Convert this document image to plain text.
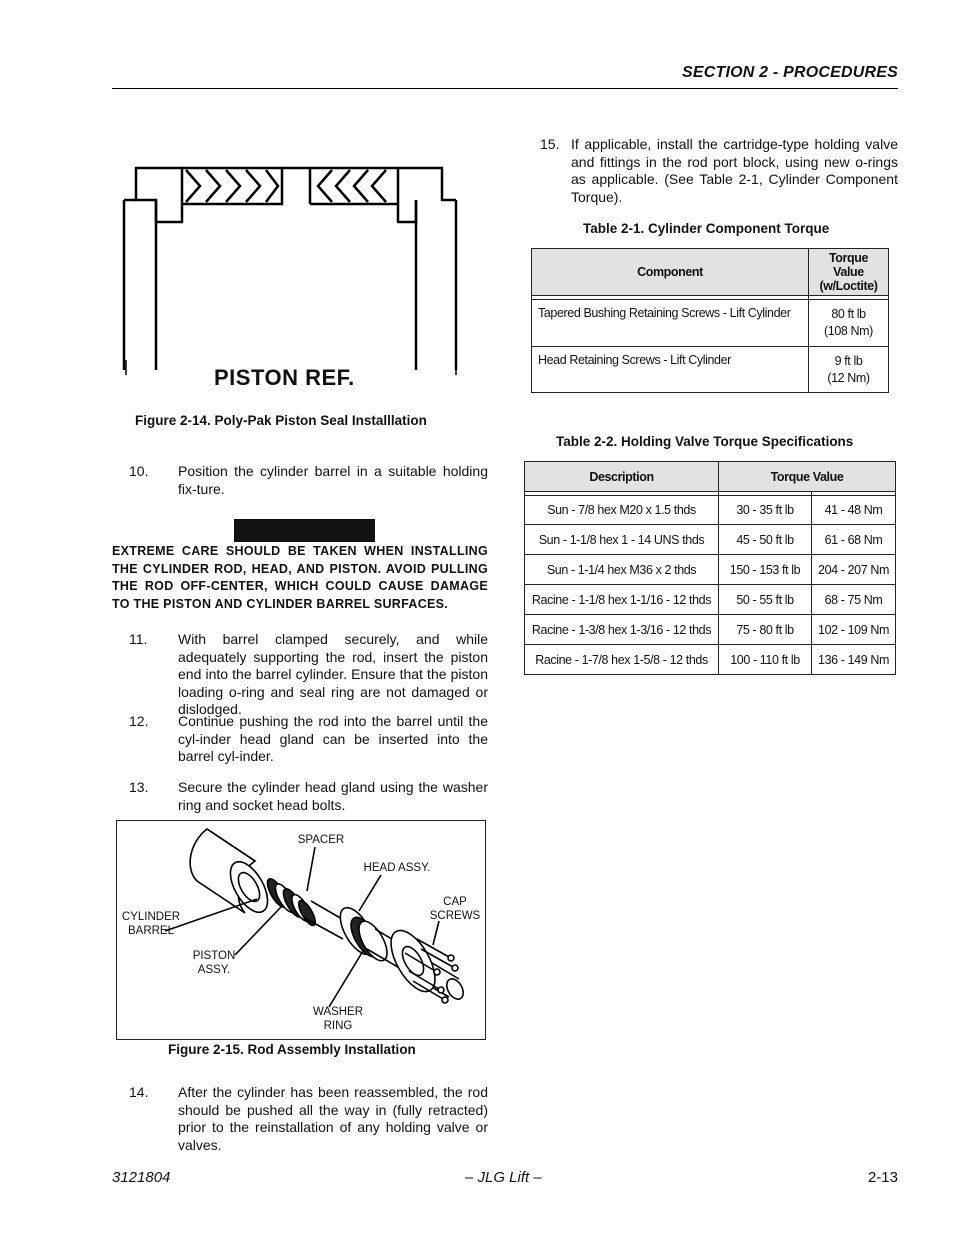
SECTION 2 - PROCEDURES
PISTON REF.
Figure 2-14. Poly-Pak Piston Seal Installlation
10. Position the cylinder barrel in a suitable holding fix-ture.
EXTREME CARE SHOULD BE TAKEN WHEN INSTALLING THE CYLINDER ROD, HEAD, AND PISTON. AVOID PULLING THE ROD OFF-CENTER, WHICH COULD CAUSE DAMAGE TO THE PISTON AND CYLINDER BARREL SURFACES.
11. With barrel clamped securely, and while adequately supporting the rod, insert the piston end into the barrel cylinder. Ensure that the piston loading o-ring and seal ring are not damaged or dislodged.
12. Continue pushing the rod into the barrel until the cyl-inder head gland can be inserted into the barrel cyl-inder.
13. Secure the cylinder head gland using the washer ring and socket head bolts.
SPACER
HEAD ASSY.
CAP
SCREWS
CYLINDER
BARREL
PISTON
ASSY.
WASHER
RING
Figure 2-15. Rod Assembly Installation
14. After the cylinder has been reassembled, the rod should be pushed all the way in (fully retracted) prior to the reinstallation of any holding valve or valves.
15. If applicable, install the cartridge-type holding valve and fittings in the rod port block, using new o-rings as applicable. (See Table 2-1, Cylinder Component Torque).
Table 2-1. Cylinder Component Torque
Component	Torque Value
(w/Loctite)

Tapered Bushing Retaining Screws - Lift Cylinder	80 ft lb
(108 Nm)

Head Retaining Screws - Lift Cylinder	9 ft lb
(12 Nm)
Table 2-2. Holding Valve Torque Specifications
Description	Torque Value	

Sun - 7/8 hex M20 x 1.5 thds	30 - 35 ft lb	41 - 48 Nm
Sun - 1-1/8 hex 1 - 14 UNS thds	45 - 50 ft lb	61 - 68 Nm
Sun - 1-1/4 hex M36 x 2 thds	150 - 153 ft lb	204 - 207 Nm
Racine - 1-1/8 hex 1-1/16 - 12 thds	50 - 55 ft lb	68 - 75 Nm
Racine - 1-3/8 hex 1-3/16 - 12 thds	75 - 80 ft lb	102 - 109 Nm
Racine - 1-7/8 hex 1-5/8 - 12 thds	100 - 110 ft lb	136 - 149 Nm
3121804	– JLG Lift –	2-13
